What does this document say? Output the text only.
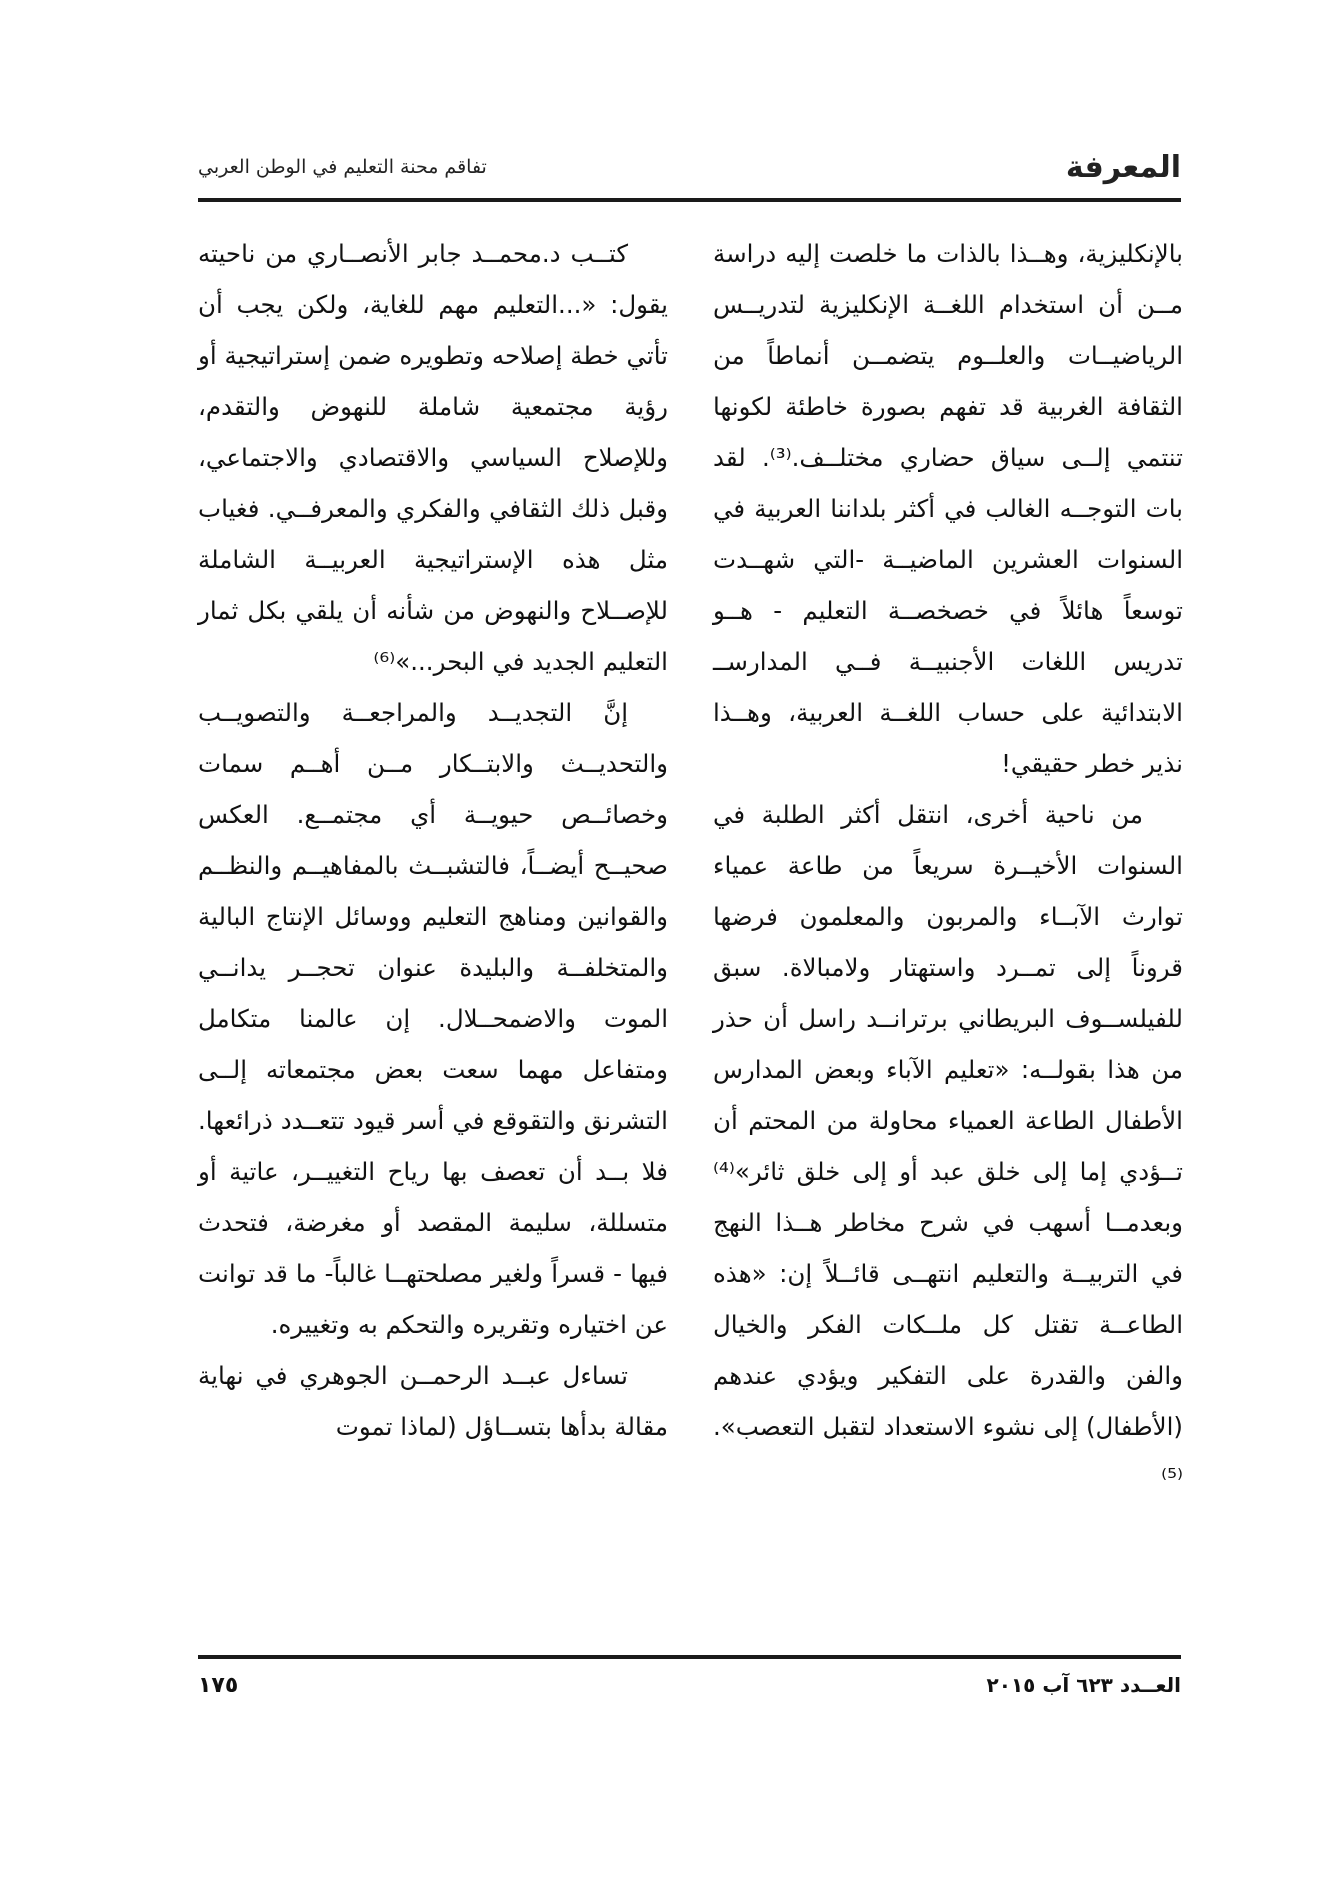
المعرفة
تفاقم محنة التعليم في الوطن العربي

بالإنكليزية، وهــذا بالذات ما خلصت إليه دراسة مــن أن استخدام اللغــة الإنكليزية لتدريــس الرياضيــات والعلــوم يتضمــن أنماطاً من الثقافة الغربية قد تفهم بصورة خاطئة لكونها تنتمي إلــى سياق حضاري مختلــف.⁽³⁾. لقد بات التوجــه الغالب في أكثر بلداننا العربية في السنوات العشرين الماضيــة -التي شهــدت توسعاً هائلاً في خصخصــة التعليم - هــو تدريس اللغات الأجنبيــة فــي المدارســ الابتدائية على حساب اللغــة العربية، وهــذا نذير خطر حقيقي!

من ناحية أخرى، انتقل أكثر الطلبة في السنوات الأخيــرة سريعاً من طاعة عمياء توارث الآبــاء والمربون والمعلمون فرضها قروناً إلى تمــرد واستهتار ولامبالاة. سبق للفيلســوف البريطاني برترانــد راسل أن حذر من هذا بقولــه: «تعليم الآباء وبعض المدارس الأطفال الطاعة العمياء محاولة من المحتم أن تــؤدي إما إلى خلق عبد أو إلى خلق ثائر»⁽⁴⁾ وبعدمــا أسهب في شرح مخاطر هــذا النهج في التربيــة والتعليم انتهــى قائــلاً إن: «هذه الطاعــة تقتل كل ملــكات الفكر والخيال والفن والقدرة على التفكير ويؤدي عندهم (الأطفال) إلى نشوء الاستعداد لتقبل التعصب».⁽⁵⁾

كتــب د.محمــد جابر الأنصــاري من ناحيته يقول: «...التعليم مهم للغاية، ولكن يجب أن تأتي خطة إصلاحه وتطويره ضمن إستراتيجية أو رؤية مجتمعية شاملة للنهوض والتقدم، وللإصلاح السياسي والاقتصادي والاجتماعي، وقبل ذلك الثقافي والفكري والمعرفــي. فغياب مثل هذه الإستراتيجية العربيــة الشاملة للإصــلاح والنهوض من شأنه أن يلقي بكل ثمار التعليم الجديد في البحر...»⁽⁶⁾

إنَّ التجديــد والمراجعــة والتصويــب والتحديــث والابتــكار مــن أهــم سمات وخصائــص حيويــة أي مجتمــع. العكس صحيــح أيضــاً، فالتشبــث بالمفاهيــم والنظــم والقوانين ومناهج التعليم ووسائل الإنتاج البالية والمتخلفــة والبليدة عنوان تحجــر يدانــي الموت والاضمحــلال. إن عالمنا متكامل ومتفاعل مهما سعت بعض مجتمعاته إلــى التشرنق والتقوقع في أسر قيود تتعــدد ذرائعها. فلا بــد أن تعصف بها رياح التغييــر، عاتية أو متسللة، سليمة المقصد أو مغرضة، فتحدث فيها - قسراً ولغير مصلحتهــا غالباً- ما قد توانت عن اختياره وتقريره والتحكم به وتغييره.

تساءل عبــد الرحمــن الجوهري في نهاية مقالة بدأها بتســاؤل (لماذا تموت

العــدد ٦٢٣ آب ٢٠١٥
١٧٥
